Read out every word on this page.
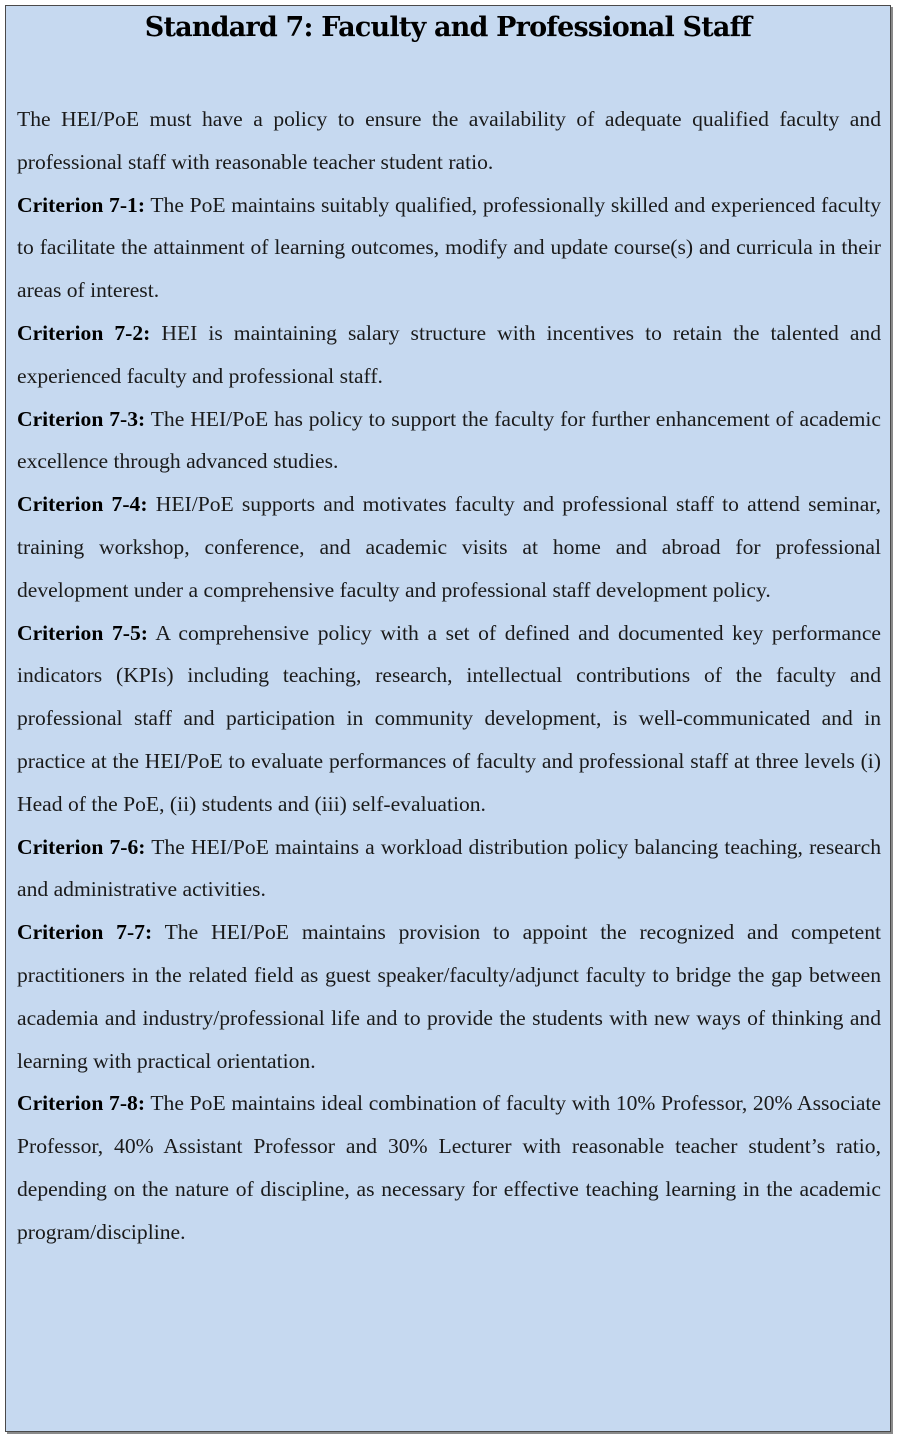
Standard 7: Faculty and Professional Staff

The HEI/PoE must have a policy to ensure the availability of adequate qualified faculty and professional staff with reasonable teacher student ratio.

Criterion 7-1: The PoE maintains suitably qualified, professionally skilled and experienced faculty to facilitate the attainment of learning outcomes, modify and update course(s) and curricula in their areas of interest.

Criterion 7-2: HEI is maintaining salary structure with incentives to retain the talented and experienced faculty and professional staff.

Criterion 7-3: The HEI/PoE has policy to support the faculty for further enhancement of academic excellence through advanced studies.

Criterion 7-4: HEI/PoE supports and motivates faculty and professional staff to attend seminar, training workshop, conference, and academic visits at home and abroad for professional development under a comprehensive faculty and professional staff development policy.

Criterion 7-5: A comprehensive policy with a set of defined and documented key performance indicators (KPIs) including teaching, research, intellectual contributions of the faculty and professional staff and participation in community development, is well-communicated and in practice at the HEI/PoE to evaluate performances of faculty and professional staff at three levels (i) Head of the PoE, (ii) students and (iii) self-evaluation.

Criterion 7-6: The HEI/PoE maintains a workload distribution policy balancing teaching, research and administrative activities.

Criterion 7-7: The HEI/PoE maintains provision to appoint the recognized and competent practitioners in the related field as guest speaker/faculty/adjunct faculty to bridge the gap between academia and industry/professional life and to provide the students with new ways of thinking and learning with practical orientation.

Criterion 7-8: The PoE maintains ideal combination of faculty with 10% Professor, 20% Associate Professor, 40% Assistant Professor and 30% Lecturer with reasonable teacher student’s ratio, depending on the nature of discipline, as necessary for effective teaching learning in the academic program/discipline.
